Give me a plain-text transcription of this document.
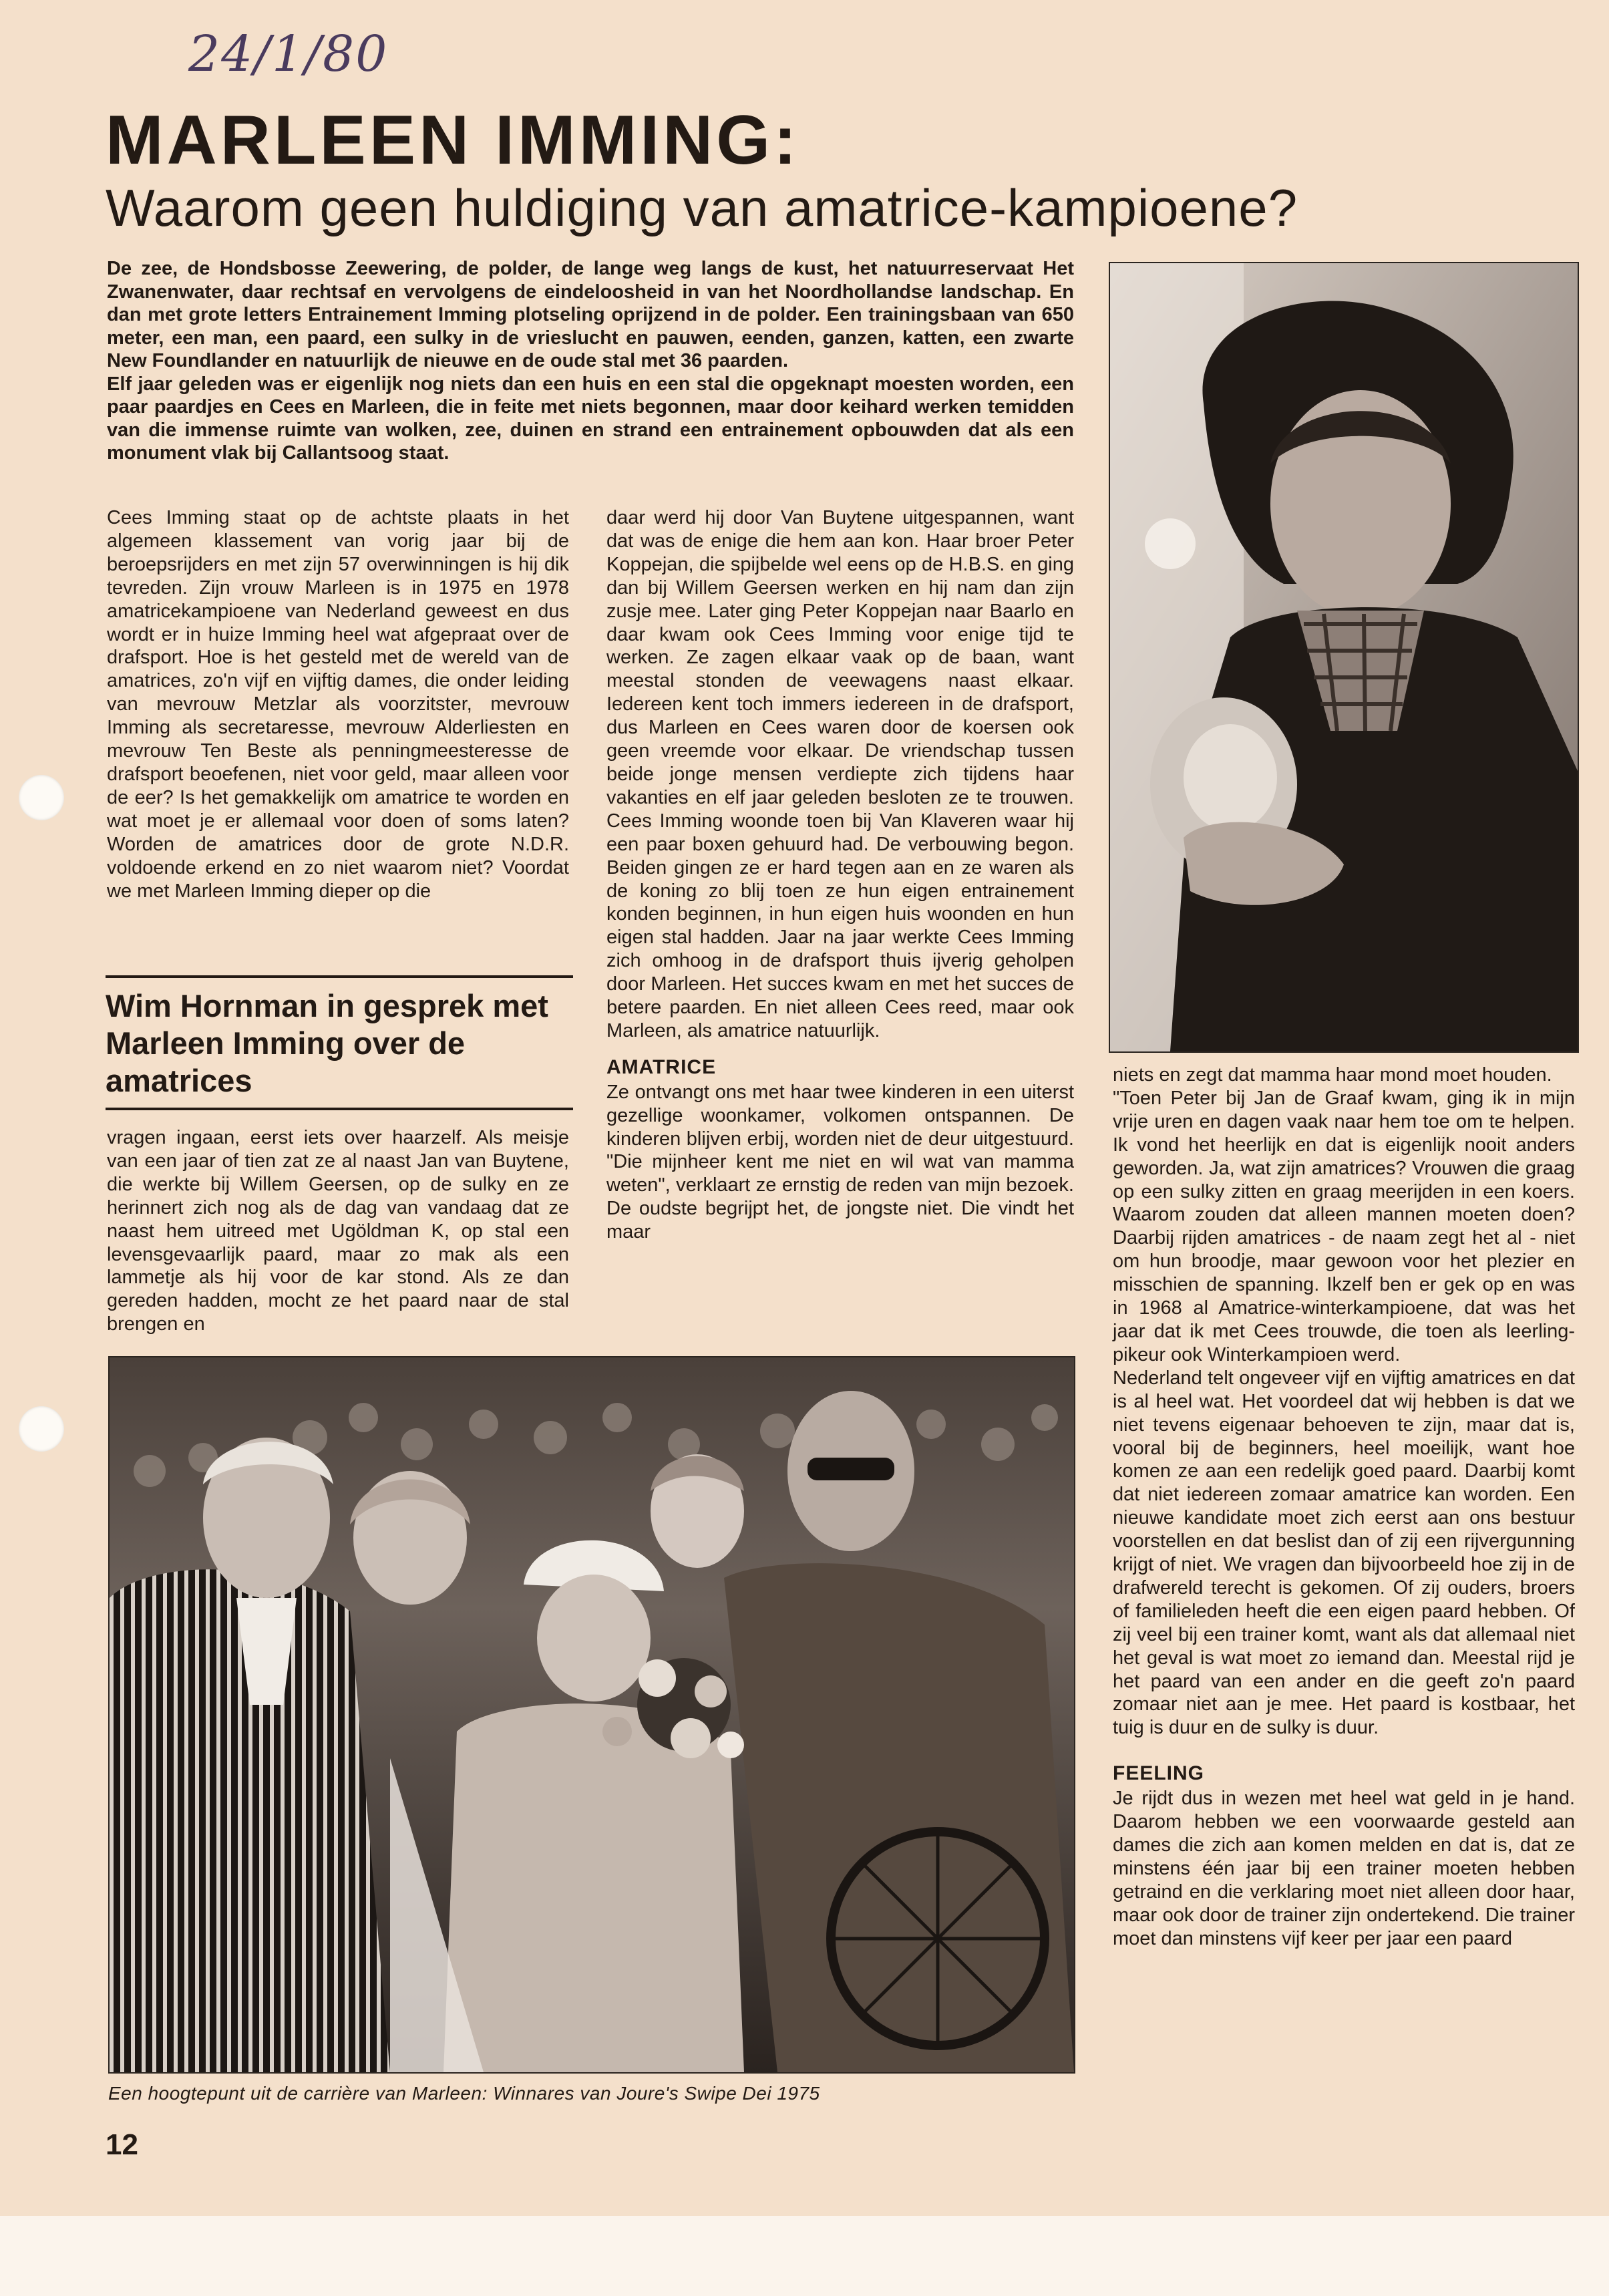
24/1/80
MARLEEN IMMING:
Waarom geen huldiging van amatrice-kampioene?

De zee, de Hondsbosse Zeewering, de polder, de lange weg langs de kust, het natuurreservaat Het Zwanenwater, daar rechtsaf en vervolgens de eindeloosheid in van het Noordhollandse landschap. En dan met grote letters Entrainement Imming plotseling oprijzend in de polder. Een trainingsbaan van 650 meter, een man, een paard, een sulky in de vrieslucht en pauwen, eenden, ganzen, katten, een zwarte New Foundlander en natuurlijk de nieuwe en de oude stal met 36 paarden.

Elf jaar geleden was er eigenlijk nog niets dan een huis en een stal die opgeknapt moesten worden, een paar paardjes en Cees en Marleen, die in feite met niets begonnen, maar door keihard werken temidden van die immense ruimte van wolken, zee, duinen en strand een entrainement opbouwden dat als een monument vlak bij Callantsoog staat.

Cees Imming staat op de achtste plaats in het algemeen klassement van vorig jaar bij de beroepsrijders en met zijn 57 overwinningen is hij dik tevreden. Zijn vrouw Marleen is in 1975 en 1978 amatricekampioene van Nederland geweest en dus wordt er in huize Imming heel wat afgepraat over de drafsport. Hoe is het gesteld met de wereld van de amatrices, zo'n vijf en vijftig dames, die onder leiding van mevrouw Metzlar als voorzitster, mevrouw Imming als secretaresse, mevrouw Alderliesten en mevrouw Ten Beste als penningmeesteresse de drafsport beoefenen, niet voor geld, maar alleen voor de eer? Is het gemakkelijk om amatrice te worden en wat moet je er allemaal voor doen of soms laten? Worden de amatrices door de grote N.D.R. voldoende erkend en zo niet waarom niet? Voordat we met Marleen Imming dieper op die

Wim Hornman in gesprek met Marleen Imming over de amatrices

vragen ingaan, eerst iets over haarzelf. Als meisje van een jaar of tien zat ze al naast Jan van Buytene, die werkte bij Willem Geersen, op de sulky en ze herinnert zich nog als de dag van vandaag dat ze naast hem uitreed met Ugöldman K, op stal een levensgevaarlijk paard, maar zo mak als een lammetje als hij voor de kar stond. Als ze dan gereden hadden, mocht ze het paard naar de stal brengen en

daar werd hij door Van Buytene uitgespannen, want dat was de enige die hem aan kon. Haar broer Peter Koppejan, die spijbelde wel eens op de H.B.S. en ging dan bij Willem Geersen werken en hij nam dan zijn zusje mee. Later ging Peter Koppejan naar Baarlo en daar kwam ook Cees Imming voor enige tijd te werken. Ze zagen elkaar vaak op de baan, want meestal stonden de veewagens naast elkaar. Iedereen kent toch immers iedereen in de drafsport, dus Marleen en Cees waren door de koersen ook geen vreemde voor elkaar. De vriendschap tussen beide jonge mensen verdiepte zich tijdens haar vakanties en elf jaar geleden besloten ze te trouwen. Cees Imming woonde toen bij Van Klaveren waar hij een paar boxen gehuurd had. De verbouwing begon. Beiden gingen ze er hard tegen aan en ze waren als de koning zo blij toen ze hun eigen entrainement konden beginnen, in hun eigen huis woonden en hun eigen stal hadden. Jaar na jaar werkte Cees Imming zich omhoog in de drafsport thuis ijverig geholpen door Marleen. Het succes kwam en met het succes de betere paarden. En niet alleen Cees reed, maar ook Marleen, als amatrice natuurlijk.

AMATRICE

Ze ontvangt ons met haar twee kinderen in een uiterst gezellige woonkamer, volkomen ontspannen. De kinderen blijven erbij, worden niet de deur uitgestuurd. "Die mijnheer kent me niet en wil wat van mamma weten", verklaart ze ernstig de reden van mijn bezoek. De oudste begrijpt het, de jongste niet. Die vindt het maar

niets en zegt dat mamma haar mond moet houden.

"Toen Peter bij Jan de Graaf kwam, ging ik in mijn vrije uren en dagen vaak naar hem toe om te helpen. Ik vond het heerlijk en dat is eigenlijk nooit anders geworden. Ja, wat zijn amatrices? Vrouwen die graag op een sulky zitten en graag meerijden in een koers. Waarom zouden dat alleen mannen moeten doen? Daarbij rijden amatrices - de naam zegt het al - niet om hun broodje, maar gewoon voor het plezier en misschien de spanning. Ikzelf ben er gek op en was in 1968 al Amatrice-winterkampioene, dat was het jaar dat ik met Cees trouwde, die toen als leerling-pikeur ook Winterkampioen werd.

Nederland telt ongeveer vijf en vijftig amatrices en dat is al heel wat. Het voordeel dat wij hebben is dat we niet tevens eigenaar behoeven te zijn, maar dat is, vooral bij de beginners, heel moeilijk, want hoe komen ze aan een redelijk goed paard. Daarbij komt dat niet iedereen zomaar amatrice kan worden. Een nieuwe kandidate moet zich eerst aan ons bestuur voorstellen en dat beslist dan of zij een rijvergunning krijgt of niet. We vragen dan bijvoorbeeld hoe zij in de drafwereld terecht is gekomen. Of zij ouders, broers of familieleden heeft die een eigen paard hebben. Of zij veel bij een trainer komt, want als dat allemaal niet het geval is wat moet zo iemand dan. Meestal rijd je het paard van een ander en die geeft zo'n paard zomaar niet aan je mee. Het paard is kostbaar, het tuig is duur en de sulky is duur.

FEELING

Je rijdt dus in wezen met heel wat geld in je hand. Daarom hebben we een voorwaarde gesteld aan dames die zich aan komen melden en dat is, dat ze minstens één jaar bij een trainer moeten hebben getraind en die verklaring moet niet alleen door haar, maar ook door de trainer zijn ondertekend. Die trainer moet dan minstens vijf keer per jaar een paard

Een hoogtepunt uit de carrière van Marleen: Winnares van Joure's Swipe Dei 1975
12
